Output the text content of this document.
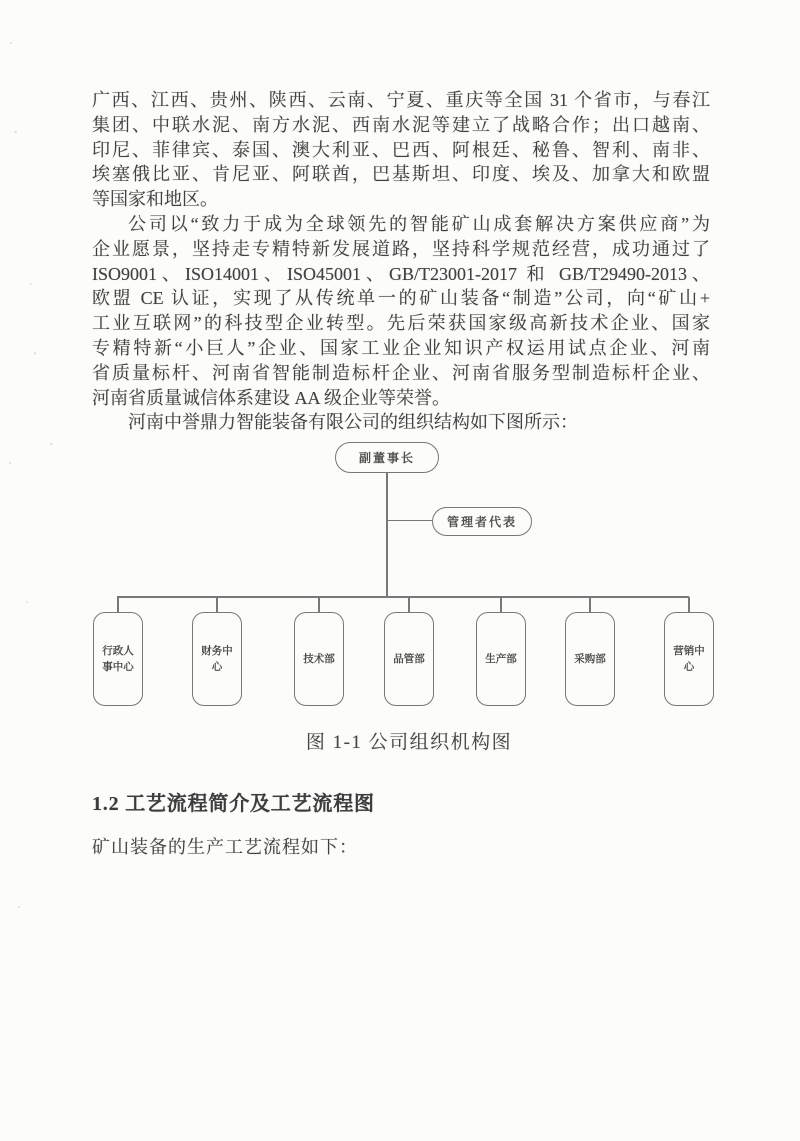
广西、江西、贵州、陕西、云南、宁夏、重庆等全国 31 个省市，与春江
集团、中联水泥、南方水泥、西南水泥等建立了战略合作；出口越南、
印尼、菲律宾、泰国、澳大利亚、巴西、阿根廷、秘鲁、智利、南非、
埃塞俄比亚、肯尼亚、阿联酋，巴基斯坦、印度、埃及、加拿大和欧盟
等国家和地区。
公司以“致力于成为全球领先的智能矿山成套解决方案供应商”为
企业愿景，坚持走专精特新发展道路，坚持科学规范经营，成功通过了
ISO9001、ISO14001、ISO45001、GB/T23001-2017 和 GB/T29490-2013、
欧盟 CE 认证，实现了从传统单一的矿山装备“制造”公司，向“矿山+
工业互联网”的科技型企业转型。先后荣获国家级高新技术企业、国家
专精特新“小巨人”企业、国家工业企业知识产权运用试点企业、河南
省质量标杆、河南省智能制造标杆企业、河南省服务型制造标杆企业、
河南省质量诚信体系建设 AA 级企业等荣誉。
河南中誉鼎力智能装备有限公司的组织结构如下图所示：
副董事长
管理者代表
行政人事中心
财务中心
技术部	品管部	生产部	采购部
营销中心
图 1-1 公司组织机构图
1.2 工艺流程简介及工艺流程图
矿山装备的生产工艺流程如下：
